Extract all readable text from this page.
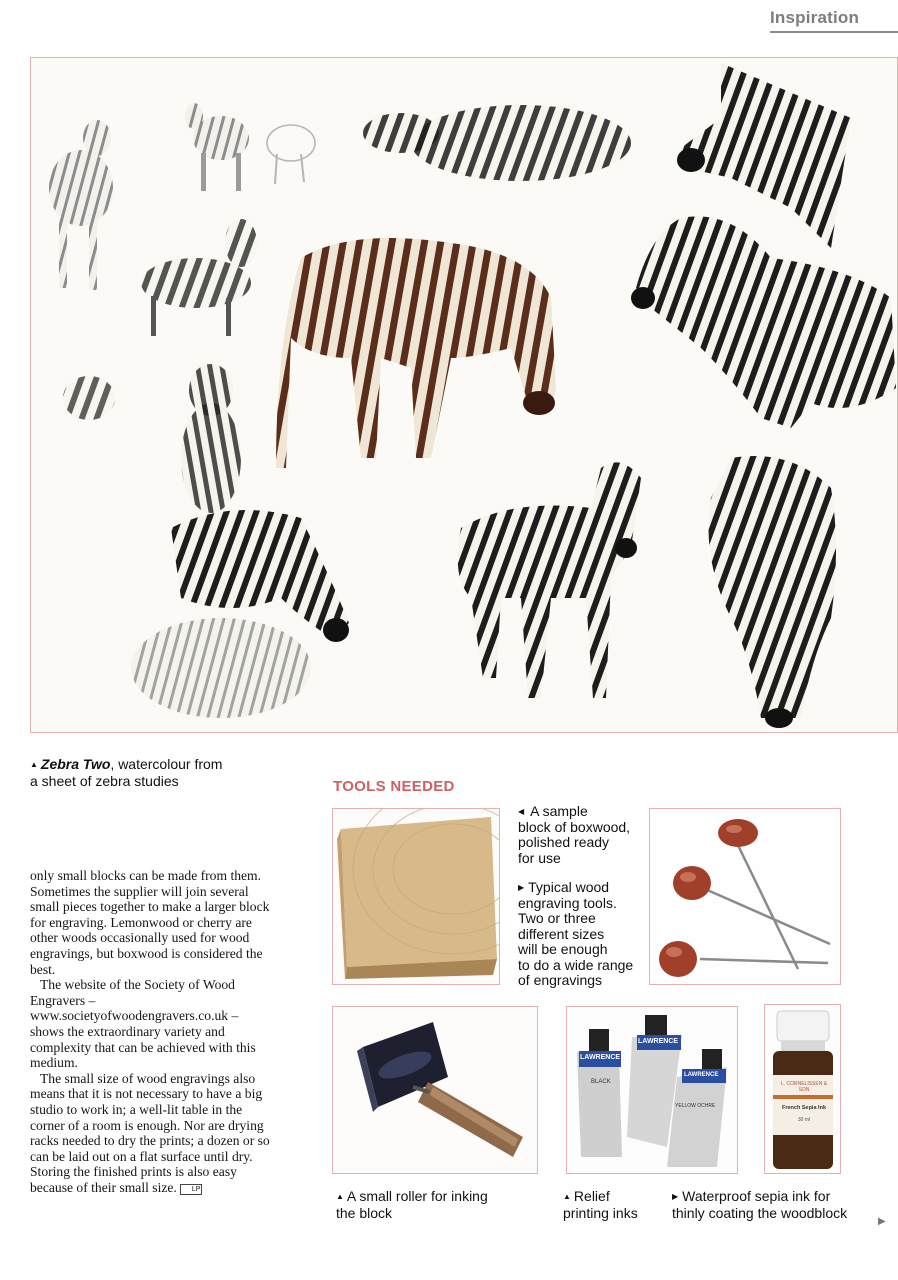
Inspiration
▲ Zebra Two, watercolour from
a sheet of zebra studies	TOOLS NEEDED
◀ A sample
block of boxwood,
polished ready
for use
▶ Typical wood
engraving tools.
Two or three
different sizes
will be enough
to do a wide range
of engravings
LAWRENCE
LAWRENCE
LAWRENCE
BLACK
YELLOW OCHRE
L. CORNELISSEN & SON
French Sepia Ink
30 ml
▲ A small roller for inking
the block
▲ Relief
printing inks
▶ Waterproof sepia ink for
thinly coating the woodblock

only small blocks can be made from them. Sometimes the supplier will join several small pieces together to make a larger block for engraving. Lemonwood or cherry are other woods occasionally used for wood engravings, but boxwood is considered the best.

The website of the Society of Wood Engravers – www.societyofwoodengravers.co.uk – shows the extraordinary variety and complexity that can be achieved with this medium.

The small size of wood engravings also means that it is not necessary to have a big studio to work in; a well-lit table in the corner of a room is enough. Nor are drying racks needed to dry the prints; a dozen or so can be laid out on a flat surface until dry. Storing the finished prints is also easy because of their small size. LP

▶
